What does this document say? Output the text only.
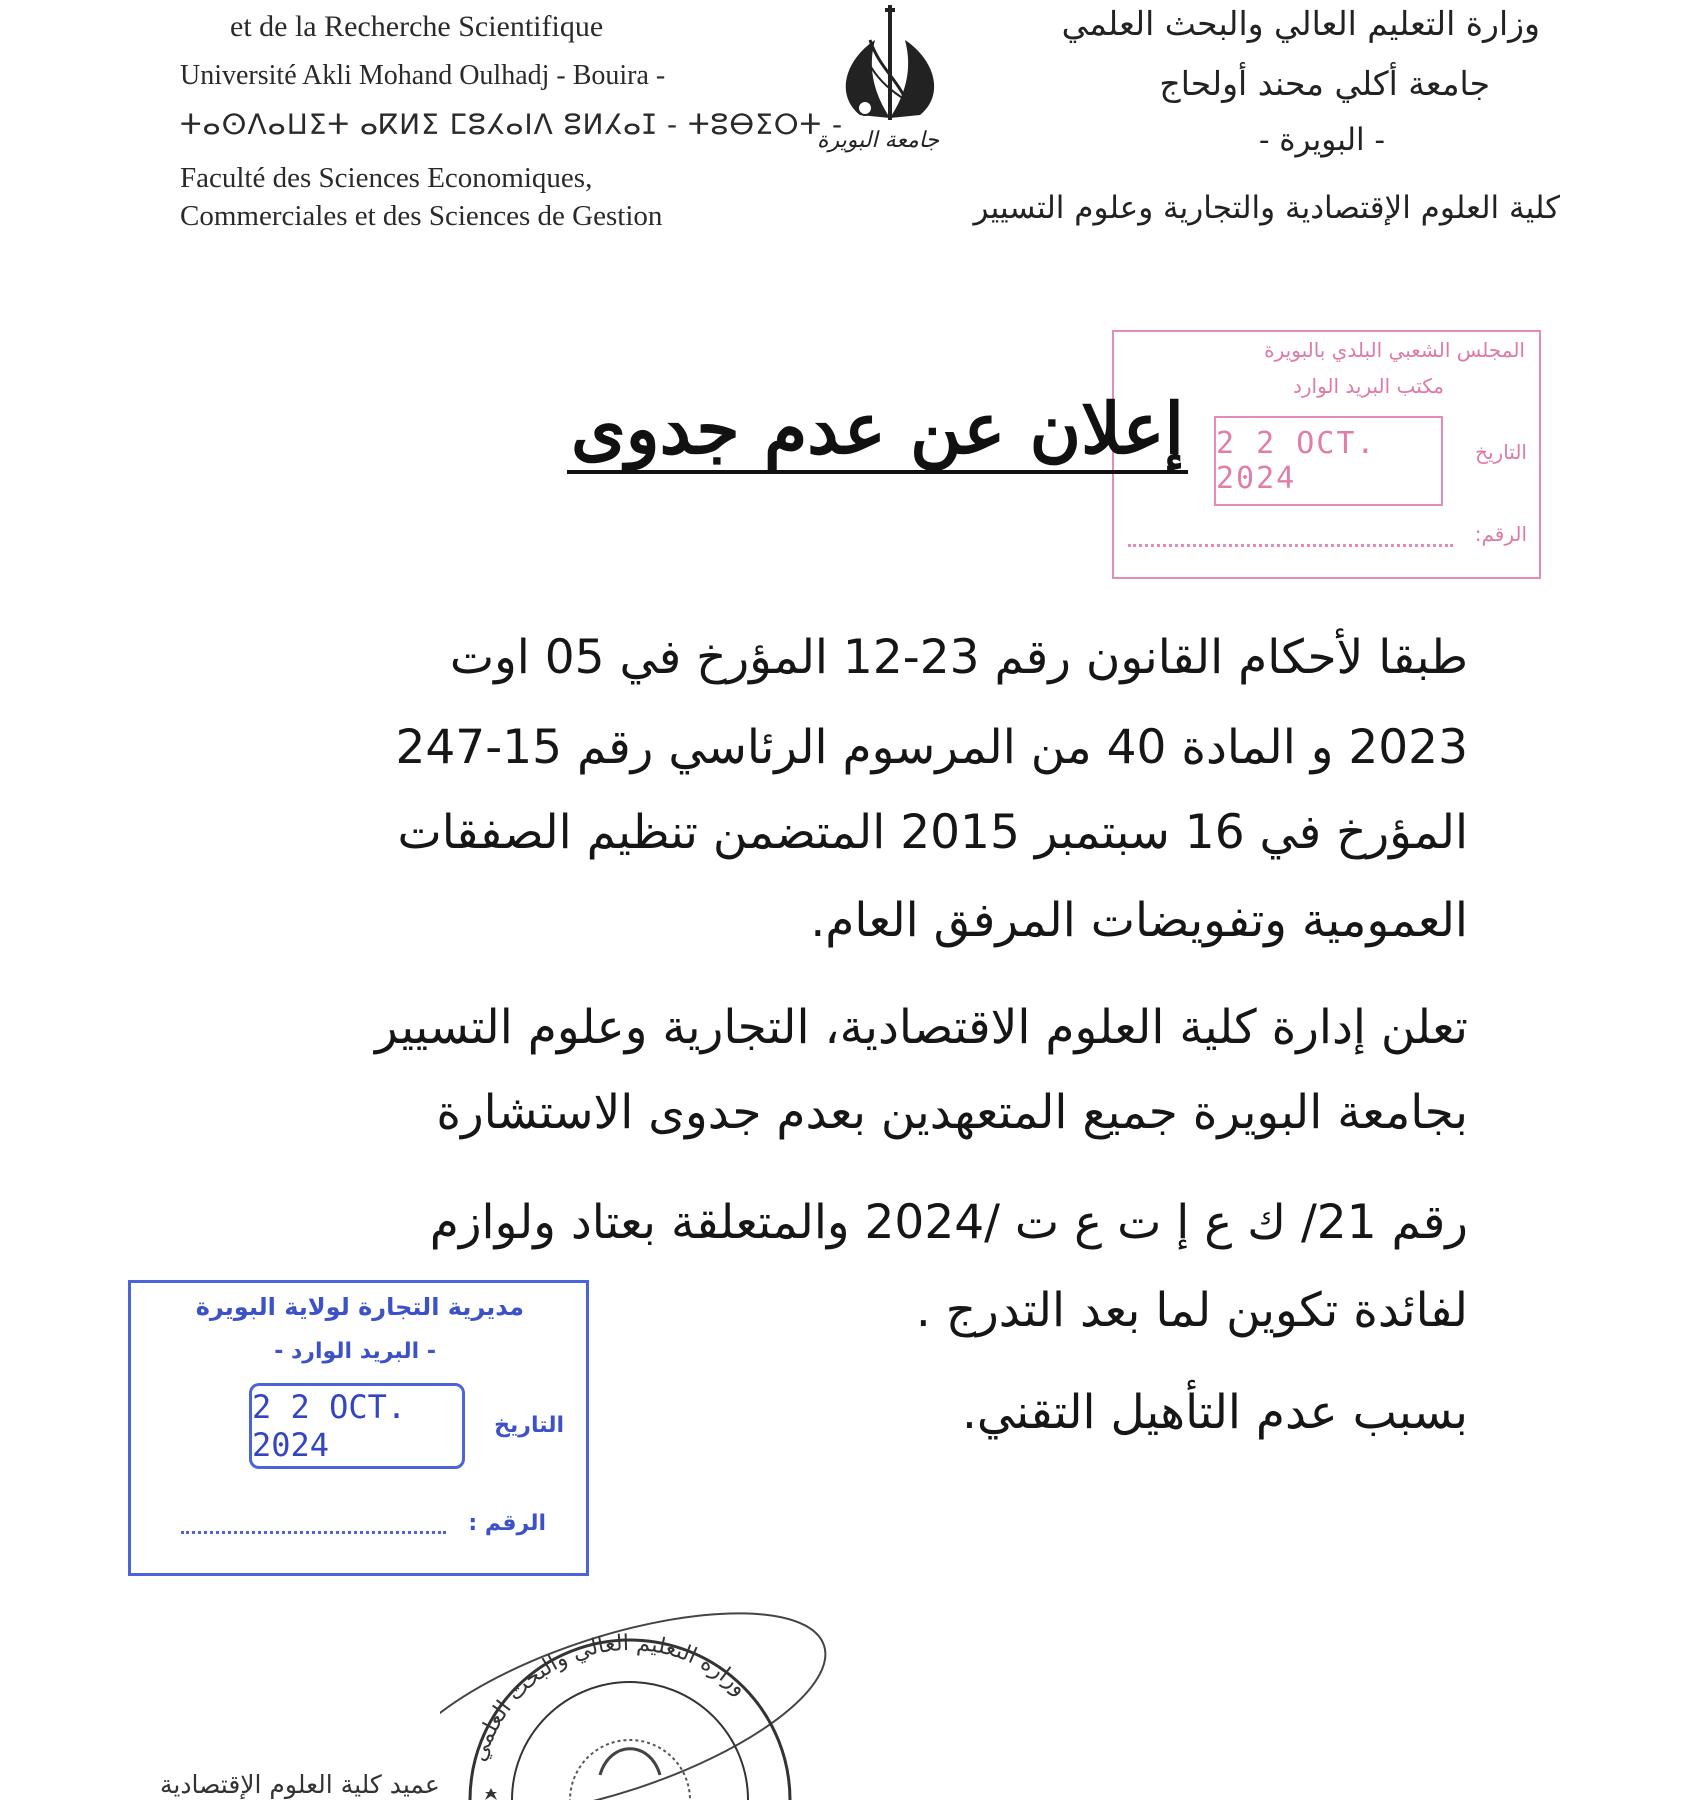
et de la Recherche Scientifique
Université Akli Mohand Oulhadj - Bouira -
ⵜⴰⵙⴷⴰⵡⵉⵜ ⴰⴽⵍⵉ ⵎⵓⵃⴰⵏⴷ ⵓⵍⵃⴰⵊ - ⵜⵓⴱⵉⵔⵜ -
Faculté des Sciences Economiques,
Commerciales et des Sciences de Gestion
جامعة البويرة
وزارة التعليم العالي والبحث العلمي
جامعة أكلي محند أولحاج
- البويرة -
كلية العلوم الإقتصادية والتجارية وعلوم التسيير
المجلس الشعبي البلدي بالبويرة
مكتب البريد الوارد
التاريخ
2 2 OCT. 2024
الرقم:
إعلان عن عدم جدوى
طبقا لأحكام القانون رقم 23-12 المؤرخ في 05 اوت
2023 و المادة 40 من المرسوم الرئاسي رقم 15-247
المؤرخ في 16 سبتمبر 2015 المتضمن تنظيم الصفقات
العمومية وتفويضات المرفق العام.
تعلن إدارة كلية العلوم الاقتصادية، التجارية وعلوم التسيير
بجامعة البويرة جميع المتعهدين بعدم جدوى الاستشارة
رقم 21/ ك ع إ ت ع ت /2024 والمتعلقة بعتاد ولوازم
لفائدة تكوين لما بعد التدرج .
بسبب عدم التأهيل التقني.
مديرية التجارة لولاية البويرة
- البريد الوارد -
التاريخ
2 2 OCT. 2024
الرقم :
وزارة التعليم العالي والبحث العلمي
عميد كلية العلوم الإقتصادية
